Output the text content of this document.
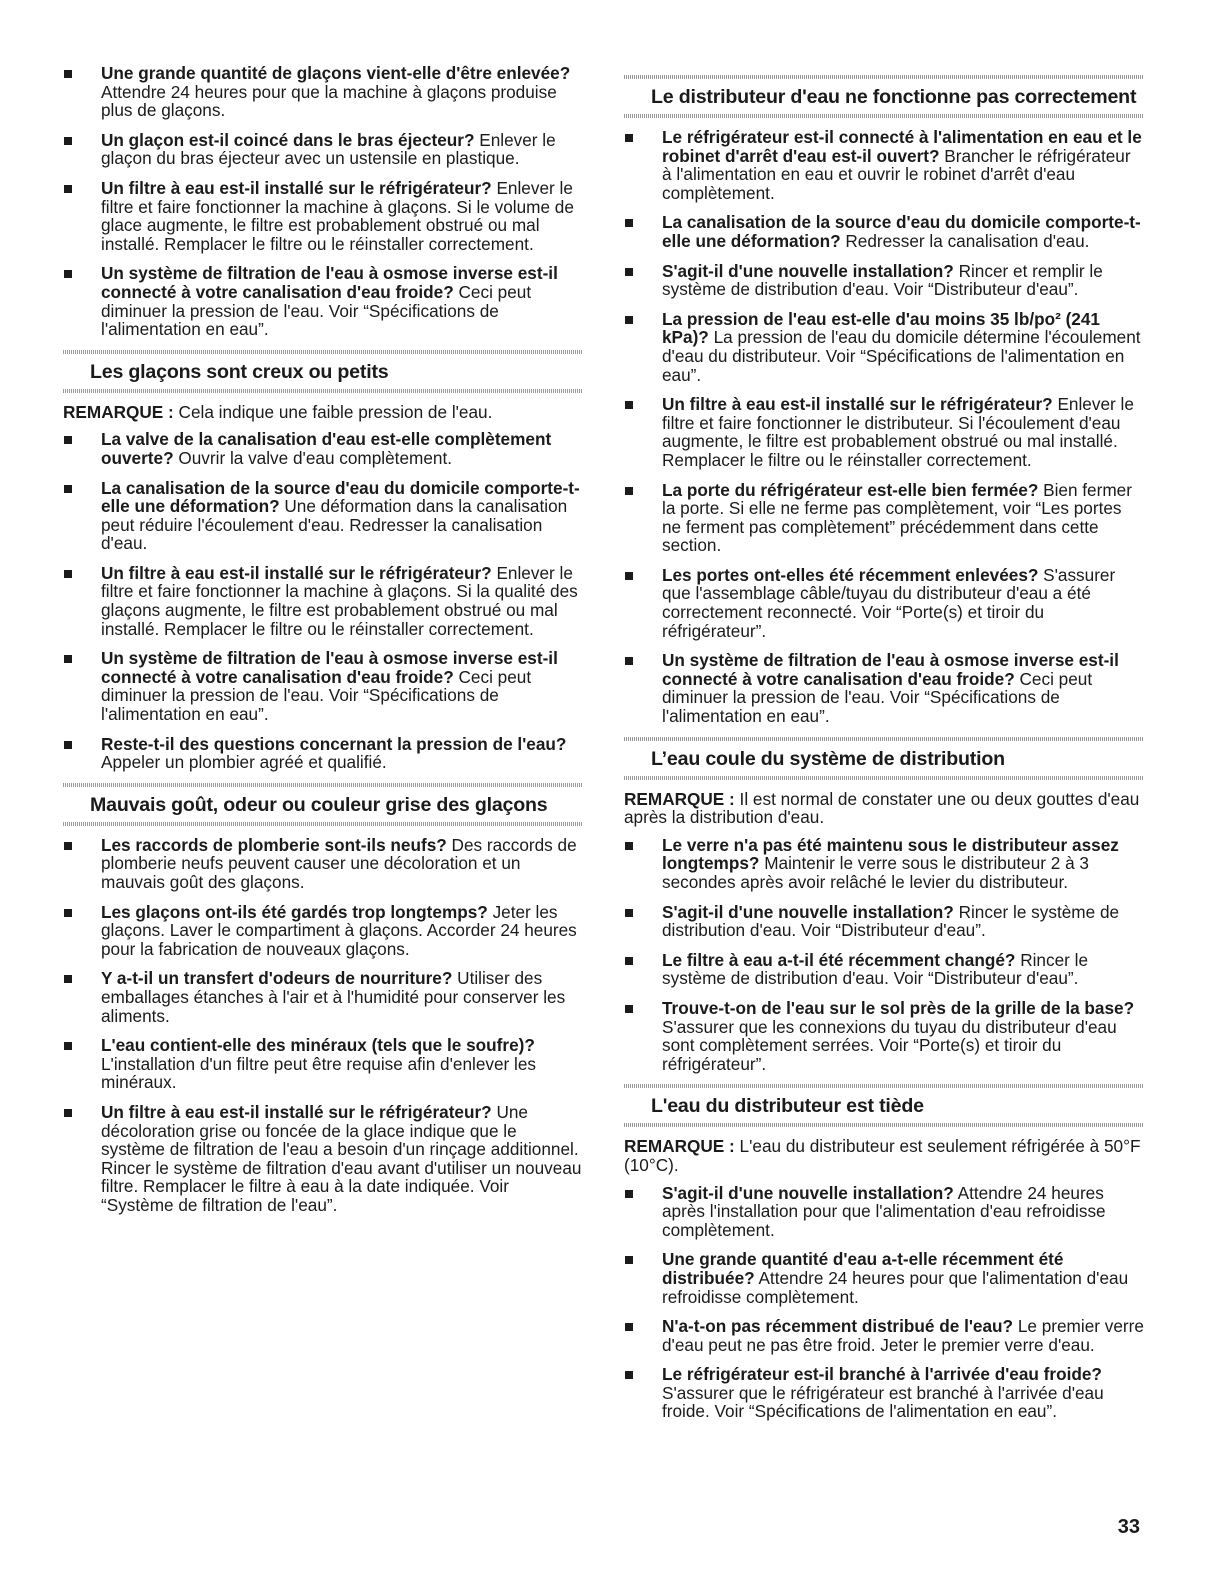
Une grande quantité de glaçons vient-elle d'être enlevée? Attendre 24 heures pour que la machine à glaçons produise plus de glaçons.
Un glaçon est-il coincé dans le bras éjecteur? Enlever le glaçon du bras éjecteur avec un ustensile en plastique.
Un filtre à eau est-il installé sur le réfrigérateur? Enlever le filtre et faire fonctionner la machine à glaçons. Si le volume de glace augmente, le filtre est probablement obstrué ou mal installé. Remplacer le filtre ou le réinstaller correctement.
Un système de filtration de l'eau à osmose inverse est-il connecté à votre canalisation d'eau froide? Ceci peut diminuer la pression de l'eau. Voir “Spécifications de l'alimentation en eau”.
Les glaçons sont creux ou petits
REMARQUE : Cela indique une faible pression de l'eau.
La valve de la canalisation d'eau est-elle complètement ouverte? Ouvrir la valve d'eau complètement.
La canalisation de la source d'eau du domicile comporte-t-elle une déformation? Une déformation dans la canalisation peut réduire l'écoulement d'eau. Redresser la canalisation d'eau.
Un filtre à eau est-il installé sur le réfrigérateur? Enlever le filtre et faire fonctionner la machine à glaçons. Si la qualité des glaçons augmente, le filtre est probablement obstrué ou mal installé. Remplacer le filtre ou le réinstaller correctement.
Un système de filtration de l'eau à osmose inverse est-il connecté à votre canalisation d'eau froide? Ceci peut diminuer la pression de l'eau. Voir “Spécifications de l'alimentation en eau”.
Reste-t-il des questions concernant la pression de l'eau? Appeler un plombier agréé et qualifié.
Mauvais goût, odeur ou couleur grise des glaçons
Les raccords de plomberie sont-ils neufs? Des raccords de plomberie neufs peuvent causer une décoloration et un mauvais goût des glaçons.
Les glaçons ont-ils été gardés trop longtemps? Jeter les glaçons. Laver le compartiment à glaçons. Accorder 24 heures pour la fabrication de nouveaux glaçons.
Y a-t-il un transfert d'odeurs de nourriture? Utiliser des emballages étanches à l'air et à l'humidité pour conserver les aliments.
L'eau contient-elle des minéraux (tels que le soufre)? L'installation d'un filtre peut être requise afin d'enlever les minéraux.
Un filtre à eau est-il installé sur le réfrigérateur? Une décoloration grise ou foncée de la glace indique que le système de filtration de l'eau a besoin d'un rinçage additionnel. Rincer le système de filtration d'eau avant d'utiliser un nouveau filtre. Remplacer le filtre à eau à la date indiquée. Voir “Système de filtration de l'eau”.
Le distributeur d'eau ne fonctionne pas correctement
Le réfrigérateur est-il connecté à l'alimentation en eau et le robinet d'arrêt d'eau est-il ouvert? Brancher le réfrigérateur à l'alimentation en eau et ouvrir le robinet d'arrêt d'eau complètement.
La canalisation de la source d'eau du domicile comporte-t-elle une déformation? Redresser la canalisation d'eau.
S'agit-il d'une nouvelle installation? Rincer et remplir le système de distribution d'eau. Voir “Distributeur d'eau”.
La pression de l'eau est-elle d'au moins 35 lb/po² (241 kPa)? La pression de l'eau du domicile détermine l'écoulement d'eau du distributeur. Voir “Spécifications de l'alimentation en eau”.
Un filtre à eau est-il installé sur le réfrigérateur? Enlever le filtre et faire fonctionner le distributeur. Si l'écoulement d'eau augmente, le filtre est probablement obstrué ou mal installé. Remplacer le filtre ou le réinstaller correctement.
La porte du réfrigérateur est-elle bien fermée? Bien fermer la porte. Si elle ne ferme pas complètement, voir “Les portes ne ferment pas complètement” précédemment dans cette section.
Les portes ont-elles été récemment enlevées? S'assurer que l'assemblage câble/tuyau du distributeur d'eau a été correctement reconnecté. Voir “Porte(s) et tiroir du réfrigérateur”.
Un système de filtration de l'eau à osmose inverse est-il connecté à votre canalisation d'eau froide? Ceci peut diminuer la pression de l'eau. Voir “Spécifications de l'alimentation en eau”.
L’eau coule du système de distribution
REMARQUE : Il est normal de constater une ou deux gouttes d'eau après la distribution d'eau.
Le verre n'a pas été maintenu sous le distributeur assez longtemps? Maintenir le verre sous le distributeur 2 à 3 secondes après avoir relâché le levier du distributeur.
S'agit-il d'une nouvelle installation? Rincer le système de distribution d'eau. Voir “Distributeur d'eau”.
Le filtre à eau a-t-il été récemment changé? Rincer le système de distribution d'eau. Voir “Distributeur d'eau”.
Trouve-t-on de l'eau sur le sol près de la grille de la base? S'assurer que les connexions du tuyau du distributeur d'eau sont complètement serrées. Voir “Porte(s) et tiroir du réfrigérateur”.
L'eau du distributeur est tiède
REMARQUE : L'eau du distributeur est seulement réfrigérée à 50°F (10°C).
S'agit-il d'une nouvelle installation? Attendre 24 heures après l'installation pour que l'alimentation d'eau refroidisse complètement.
Une grande quantité d'eau a-t-elle récemment été distribuée? Attendre 24 heures pour que l'alimentation d'eau refroidisse complètement.
N'a-t-on pas récemment distribué de l'eau? Le premier verre d'eau peut ne pas être froid. Jeter le premier verre d'eau.
Le réfrigérateur est-il branché à l'arrivée d'eau froide? S'assurer que le réfrigérateur est branché à l'arrivée d'eau froide. Voir “Spécifications de l'alimentation en eau”.
33
